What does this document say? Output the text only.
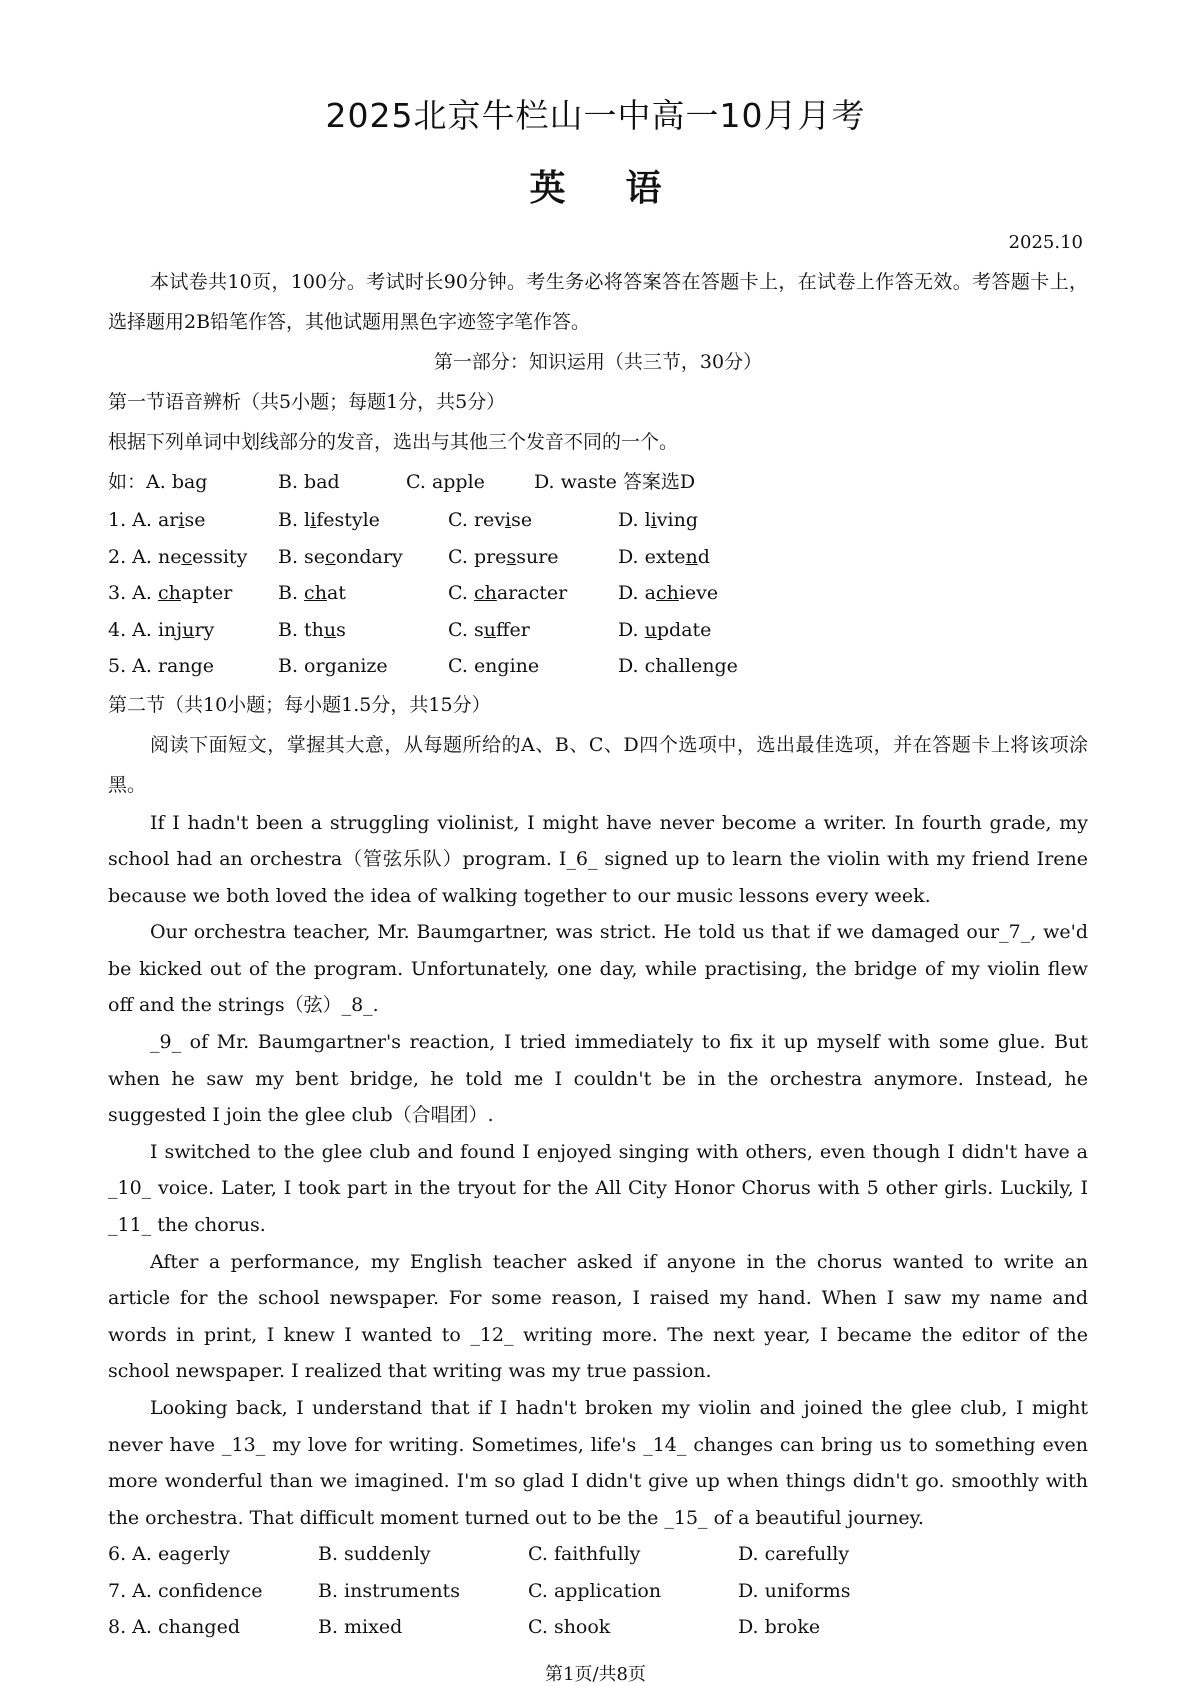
2025北京牛栏山一中高一10月月考
英语
2025.10

本试卷共10页，100分。考试时长90分钟。考生务必将答案答在答题卡上，在试卷上作答无效。考答题卡上，选择题用2B铅笔作答，其他试题用黑色字迹签字笔作答。

第一部分：知识运用（共三节，30分）

第一节语音辨析（共5小题；每题1分，共5分）

根据下列单词中划线部分的发音，选出与其他三个发音不同的一个。

如：A. bag	B. bad	C. apple	D. waste 答案选D
1. A. arise	B. lifestyle	C. revise	D. living
2. A. necessity	B. secondary	C. pressure	D. extend
3. A. chapter	B. chat	C. character	D. achieve
4. A. injury	B. thus	C. suffer	D. update
5. A. range	B. organize	C. engine	D. challenge

第二节（共10小题；每小题1.5分，共15分）

阅读下面短文，掌握其大意，从每题所给的A、B、C、D四个选项中，选出最佳选项，并在答题卡上将该项涂黑。

If I hadn't been a struggling violinist, I might have never become a writer. In fourth grade, my school had an orchestra（管弦乐队）program. I_6_ signed up to learn the violin with my friend Irene because we both loved the idea of walking together to our music lessons every week.

Our orchestra teacher, Mr. Baumgartner, was strict. He told us that if we damaged our_7_, we'd be kicked out of the program. Unfortunately, one day, while practising, the bridge of my violin flew off and the strings（弦）_8_.

_9_ of Mr. Baumgartner's reaction, I tried immediately to fix it up myself with some glue. But when he saw my bent bridge, he told me I couldn't be in the orchestra anymore. Instead, he suggested I join the glee club（合唱团）.

I switched to the glee club and found I enjoyed singing with others, even though I didn't have a _10_ voice. Later, I took part in the tryout for the All City Honor Chorus with 5 other girls. Luckily, I _11_ the chorus.

After a performance, my English teacher asked if anyone in the chorus wanted to write an article for the school newspaper. For some reason, I raised my hand. When I saw my name and words in print, I knew I wanted to _12_ writing more. The next year, I became the editor of the school newspaper. I realized that writing was my true passion.

Looking back, I understand that if I hadn't broken my violin and joined the glee club, I might never have _13_ my love for writing. Sometimes, life's _14_ changes can bring us to something even more wonderful than we imagined. I'm so glad I didn't give up when things didn't go. smoothly with the orchestra. That difficult moment turned out to be the _15_ of a beautiful journey.

6. A. eagerly	B. suddenly	C. faithfully	D. carefully
7. A. confidence	B. instruments	C. application	D. uniforms
8. A. changed	B. mixed	C. shook	D. broke
第1页/共8页
